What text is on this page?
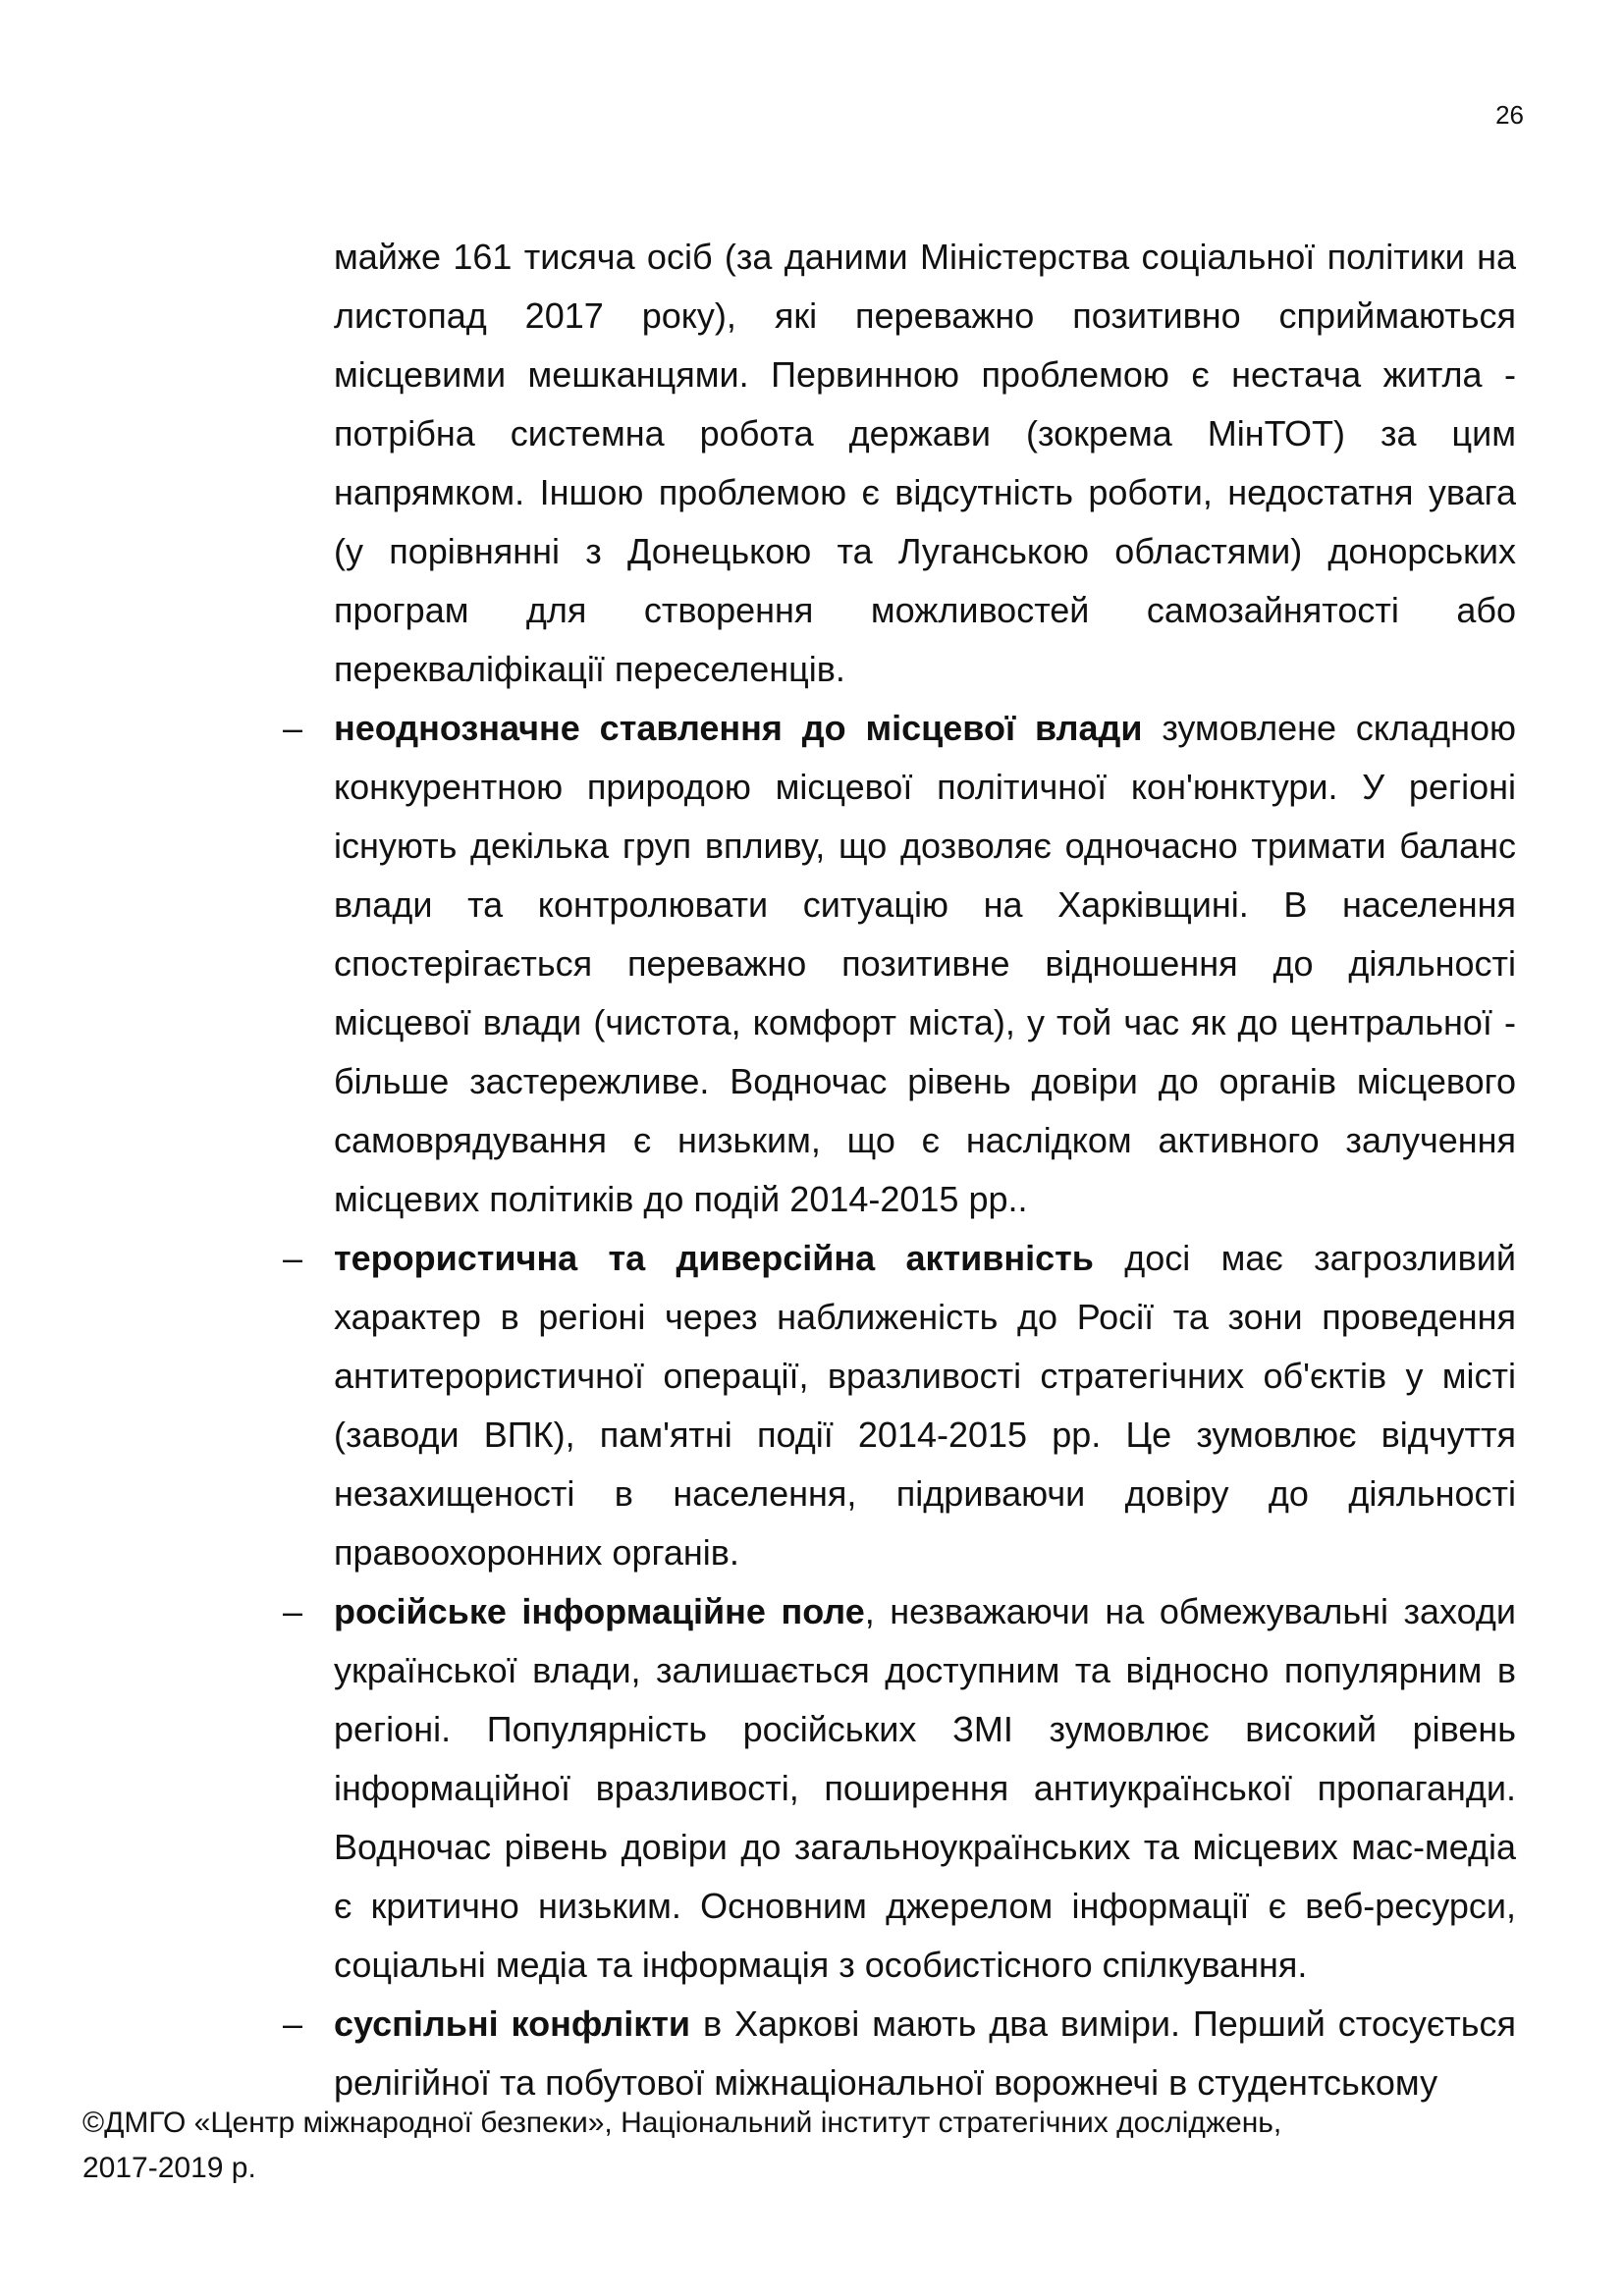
26

майже 161 тисяча осіб (за даними Міністерства соціальної політики на листопад 2017 року), які переважно позитивно сприймаються місцевими мешканцями. Первинною проблемою є нестача житла - потрібна системна робота держави (зокрема МінТОТ) за цим напрямком. Іншою проблемою є відсутність роботи, недостатня увага (у порівнянні з Донецькою та Луганською областями) донорських програм для створення можливостей самозайнятості або перекваліфікації переселенців.

– неоднозначне ставлення до місцевої влади зумовлене складною конкурентною природою місцевої політичної кон'юнктури. У регіоні існують декілька груп впливу, що дозволяє одночасно тримати баланс влади та контролювати ситуацію на Харківщині. В населення спостерігається переважно позитивне відношення до діяльності місцевої влади (чистота, комфорт міста), у той час як до центральної - більше застережливе. Водночас рівень довіри до органів місцевого самоврядування є низьким, що є наслідком активного залучення місцевих політиків до подій 2014-2015 рр..
– терористична та диверсійна активність досі має загрозливий характер в регіоні через наближеність до Росії та зони проведення антитерористичної операції, вразливості стратегічних об'єктів у місті (заводи ВПК), пам'ятні події 2014-2015 рр. Це зумовлює відчуття незахищеності в населення, підриваючи довіру до діяльності правоохоронних органів.
– російське інформаційне поле, незважаючи на обмежувальні заходи української влади, залишається доступним та відносно популярним в регіоні. Популярність російських ЗМІ зумовлює високий рівень інформаційної вразливості, поширення антиукраїнської пропаганди. Водночас рівень довіри до загальноукраїнських та місцевих мас-медіа є критично низьким. Основним джерелом інформації є веб-ресурси, соціальні медіа та інформація з особистісного спілкування.
– суспільні конфлікти в Харкові мають два виміри. Перший стосується релігійної та побутової міжнаціональної ворожнечі в студентському
©ДМГО «Центр міжнародної безпеки», Національний інститут стратегічних досліджень,
2017-2019 р.
